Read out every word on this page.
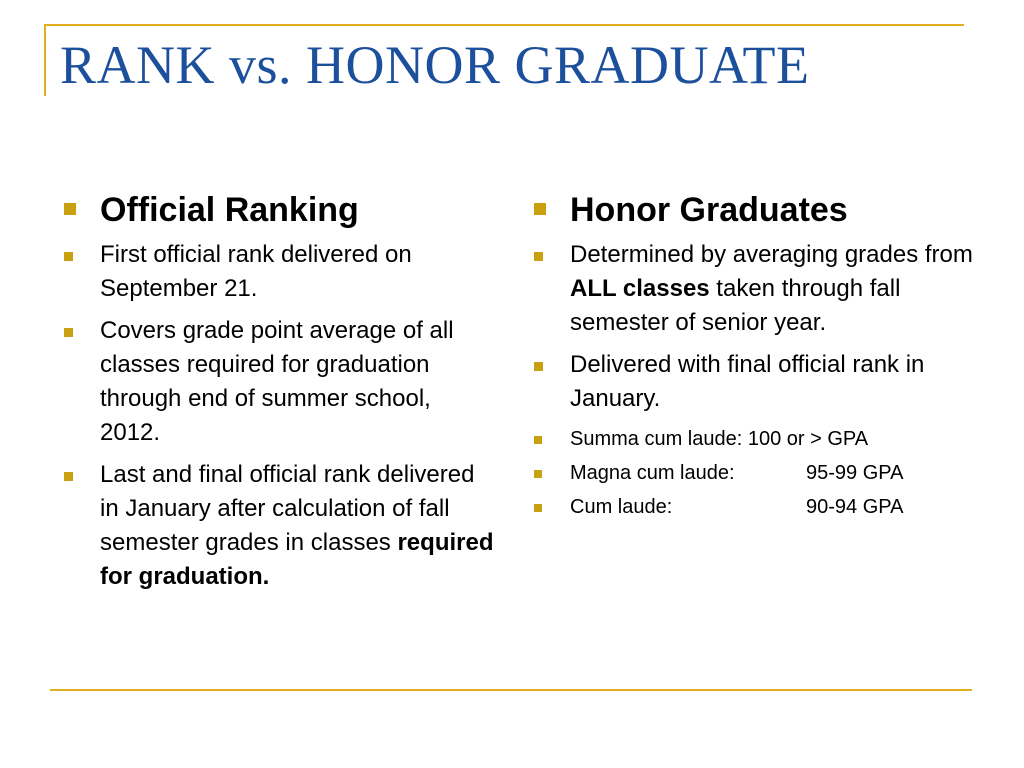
RANK vs. HONOR GRADUATE
Official Ranking
First official rank delivered on September 21.
Covers grade point average of all classes required for graduation through end of summer school, 2012.
Last and final official rank delivered in January after calculation of fall semester grades in classes required for graduation.
Honor Graduates
Determined by averaging grades from ALL classes taken through fall semester of senior year.
Delivered with final official rank in January.
Summa cum laude: 100 or > GPA
Magna cum laude:	95-99 GPA
Cum laude:	90-94 GPA
